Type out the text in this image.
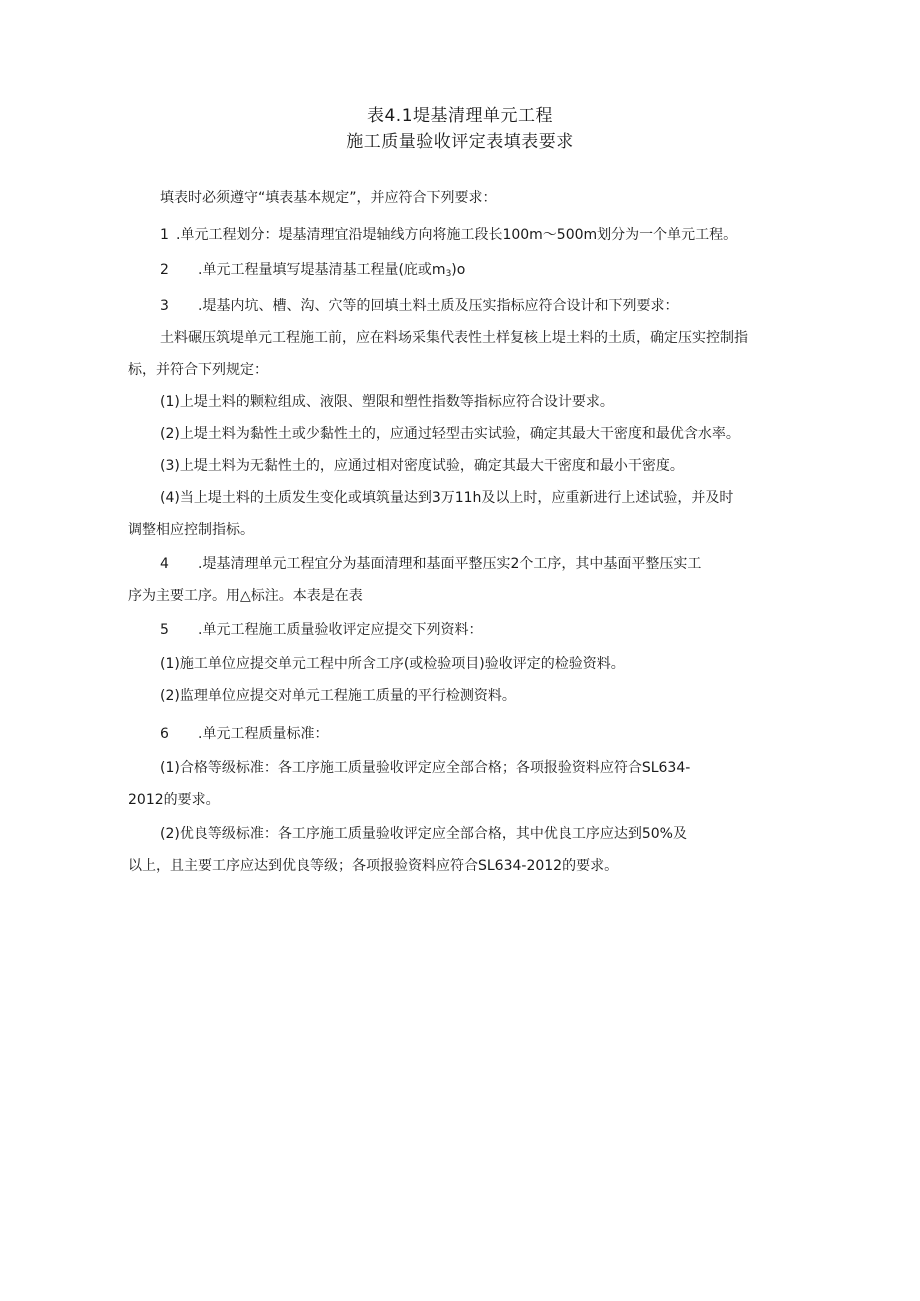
表4.1堤基清理单元工程
施工质量验收评定表填表要求
填表时必须遵守“填表基本规定”，并应符合下列要求：
1 .单元工程划分：堤基清理宜沿堤轴线方向将施工段长100m～500m划分为一个单元工程。
2 .单元工程量填写堤基清基工程量(庇或$m_3)o$
3 .堤基内坑、槽、沟、穴等的回填土料土质及压实指标应符合设计和下列要求：
土料碾压筑堤单元工程施工前，应在料场采集代表性土样复核上堤土料的土质，确定压实控制指
标，并符合下列规定：
(1)上堤土料的颗粒组成、液限、塑限和塑性指数等指标应符合设计要求。
(2)上堤土料为黏性土或少黏性土的，应通过轻型击实试验，确定其最大干密度和最优含水率。
(3)上堤土料为无黏性土的，应通过相对密度试验，确定其最大干密度和最小干密度。
(4)当上堤土料的土质发生变化或填筑量达到3万11h及以上时，应重新进行上述试验，并及时
调整相应控制指标。
4 .堤基清理单元工程宜分为基面清理和基面平整压实2个工序，其中基面平整压实工
序为主要工序。用△标注。本表是在表
5 .单元工程施工质量验收评定应提交下列资料：
(1)施工单位应提交单元工程中所含工序(或检验项目)验收评定的检验资料。
(2)监理单位应提交对单元工程施工质量的平行检测资料。
6 .单元工程质量标准：
(1)合格等级标准：各工序施工质量验收评定应全部合格；各项报验资料应符合SL634-
2012的要求。
(2)优良等级标准：各工序施工质量验收评定应全部合格，其中优良工序应达到50%及
以上，且主要工序应达到优良等级；各项报验资料应符合SL634-2012的要求。
